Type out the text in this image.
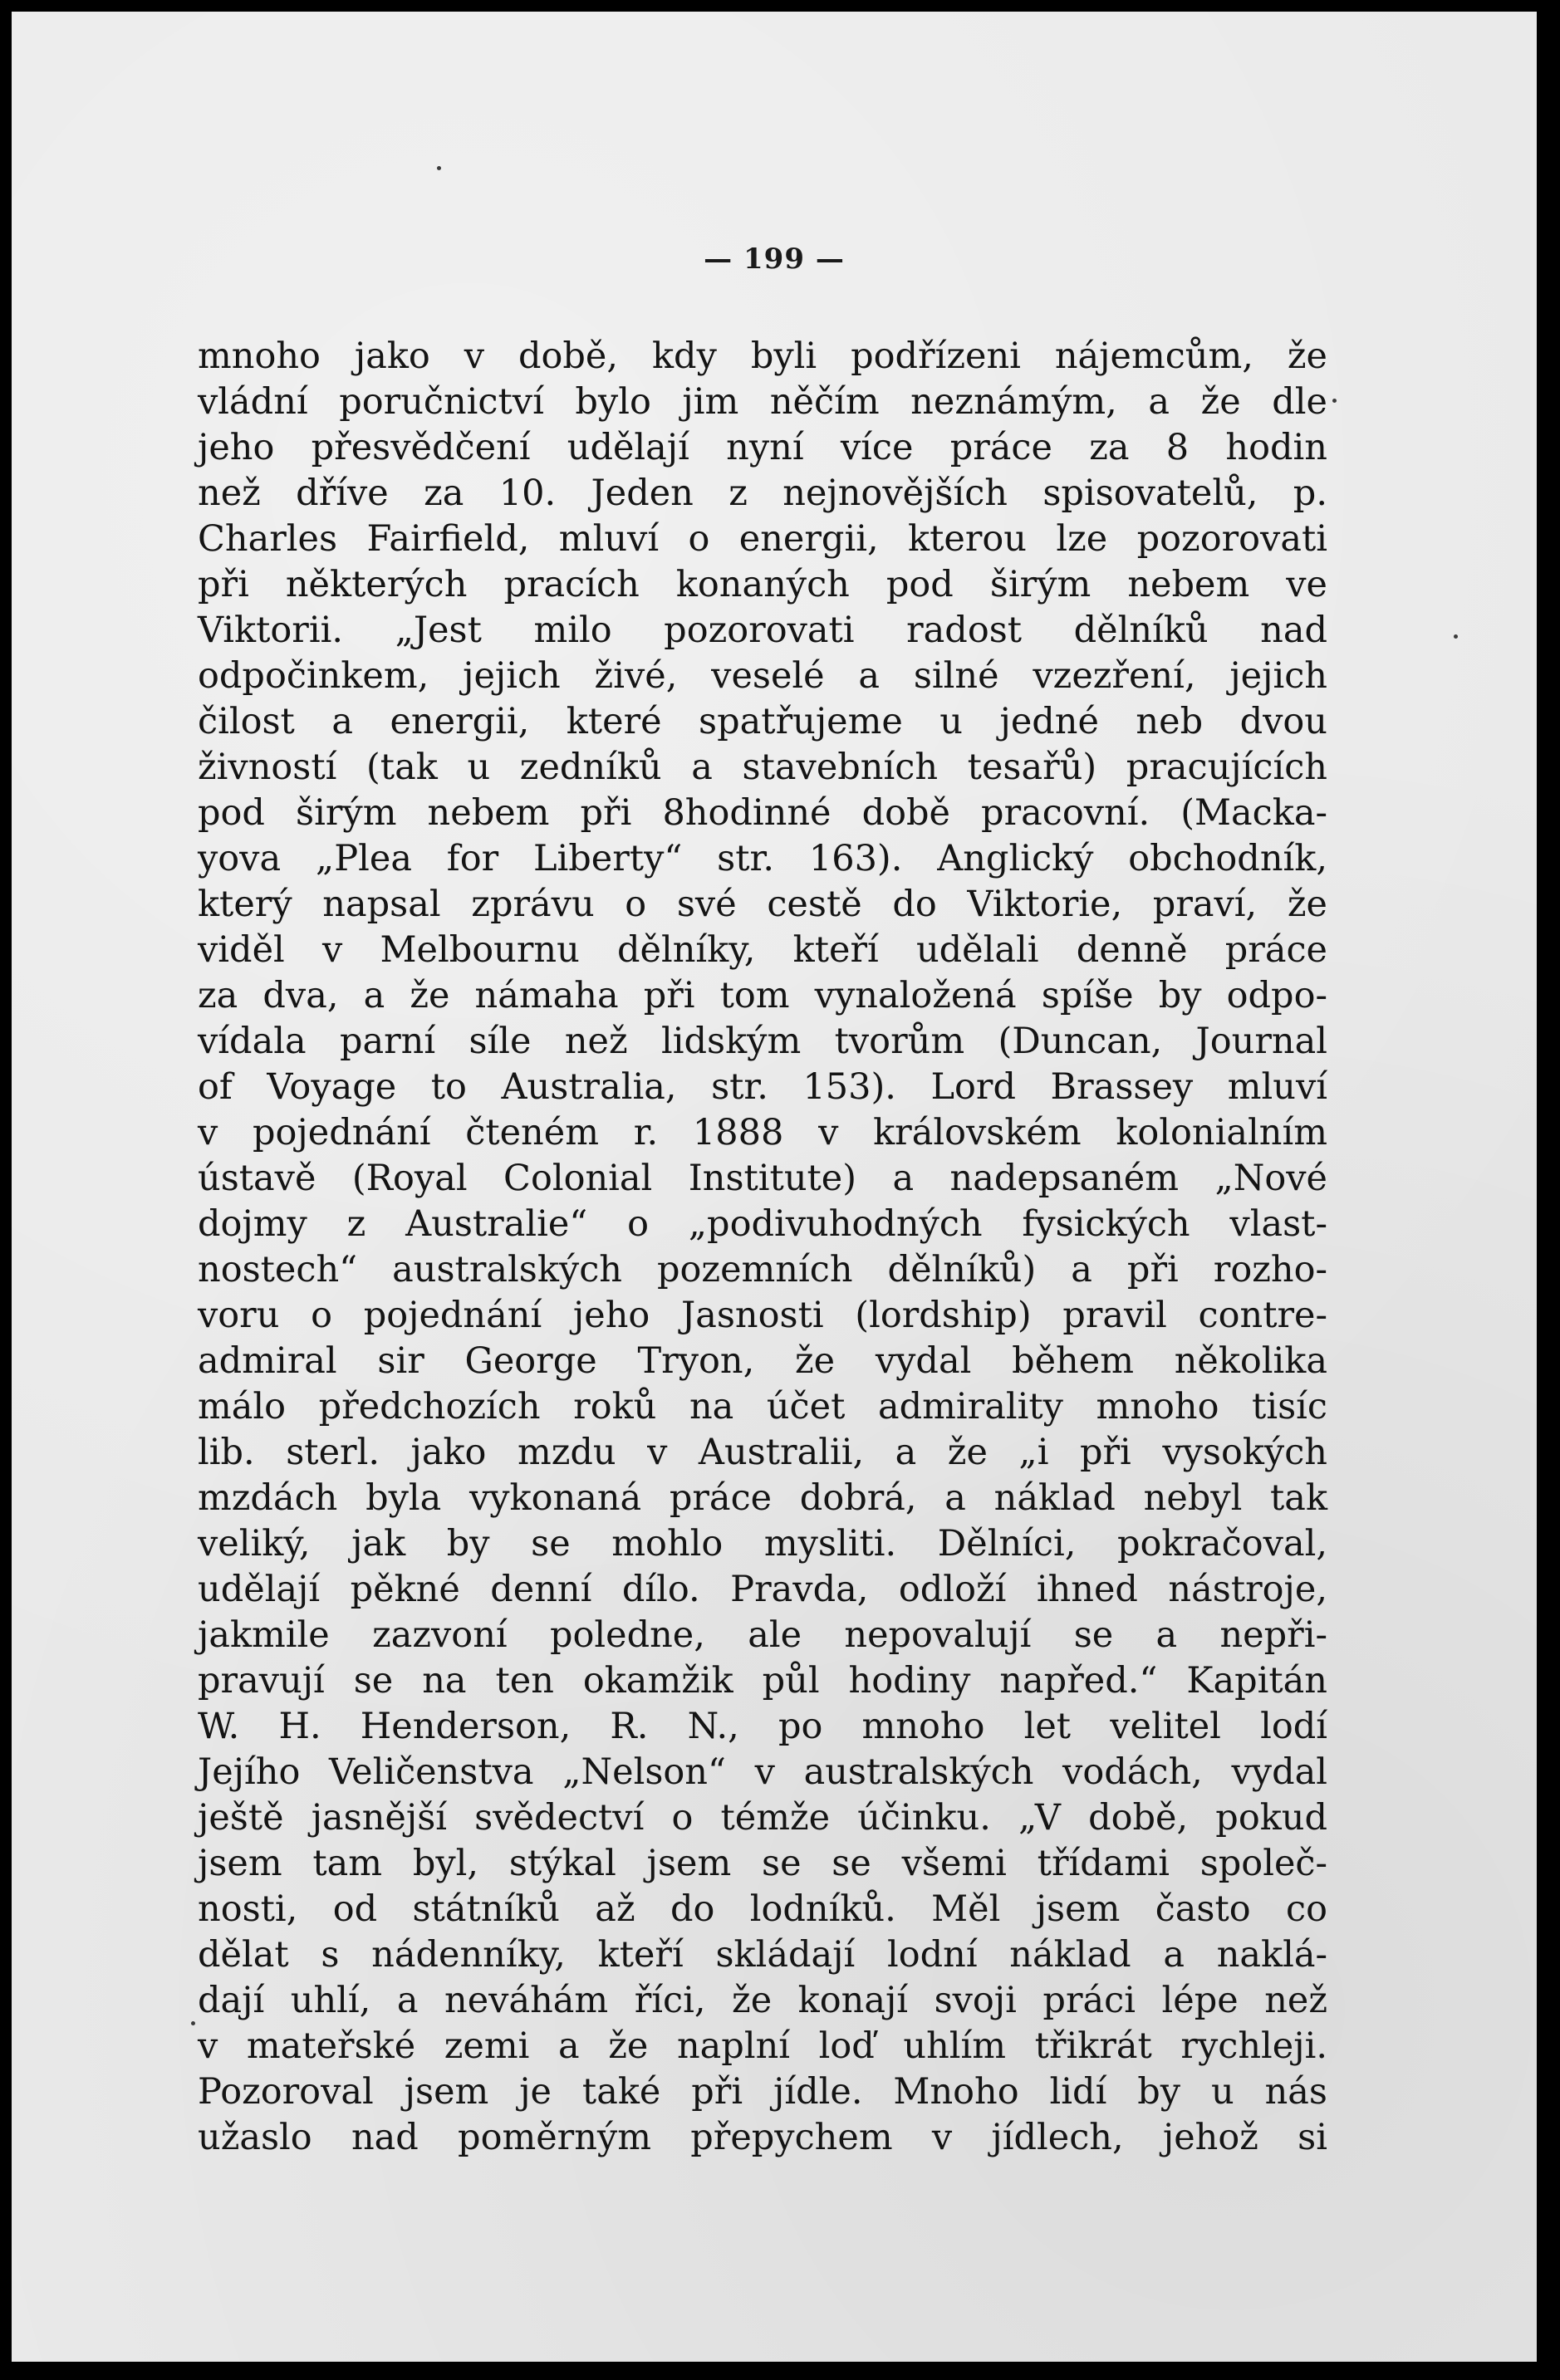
— 199 —
mnoho jako v době, kdy byli podřízeni nájemcům, že
vládní poručnictví bylo jim něčím neznámým, a že dle
jeho přesvědčení udělají nyní více práce za 8 hodin
než dříve za 10. Jeden z nejnovějších spisovatelů, p.
Charles Fairfield, mluví o energii, kterou lze pozorovati
při některých pracích konaných pod širým nebem ve
Viktorii. „Jest milo pozorovati radost dělníků nad
odpočinkem, jejich živé, veselé a silné vzezření, jejich
čilost a energii, které spatřujeme u jedné neb dvou
živností (tak u zedníků a stavebních tesařů) pracujících
pod širým nebem při 8hodinné době pracovní. (Macka-
yova „Plea for Liberty“ str. 163). Anglický obchodník,
který napsal zprávu o své cestě do Viktorie, praví, že
viděl v Melbournu dělníky, kteří udělali denně práce
za dva, a že námaha při tom vynaložená spíše by odpo-
vídala parní síle než lidským tvorům (Duncan, Journal
of Voyage to Australia, str. 153). Lord Brassey mluví
v pojednání čteném r. 1888 v královském kolonialním
ústavě (Royal Colonial Institute) a nadepsaném „Nové
dojmy z Australie“ o „podivuhodných fysických vlast-
nostech“ australských pozemních dělníků) a při rozho-
voru o pojednání jeho Jasnosti (lordship) pravil contre-
admiral sir George Tryon, že vydal během několika
málo předchozích roků na účet admirality mnoho tisíc
lib. sterl. jako mzdu v Australii, a že „i při vysokých
mzdách byla vykonaná práce dobrá, a náklad nebyl tak
veliký, jak by se mohlo mysliti. Dělníci, pokračoval,
udělají pěkné denní dílo. Pravda, odloží ihned nástroje,
jakmile zazvoní poledne, ale nepovalují se a nepři-
pravují se na ten okamžik půl hodiny napřed.“ Kapitán
W. H. Henderson, R. N., po mnoho let velitel lodí
Jejího Veličenstva „Nelson“ v australských vodách, vydal
ještě jasnější svědectví o témže účinku. „V době, pokud
jsem tam byl, stýkal jsem se se všemi třídami společ-
nosti, od státníků až do lodníků. Měl jsem často co
dělat s nádenníky, kteří skládají lodní náklad a naklá-
dají uhlí, a neváhám říci, že konají svoji práci lépe než
v mateřské zemi a že naplní loď uhlím třikrát rychleji.
Pozoroval jsem je také při jídle. Mnoho lidí by u nás
užaslo nad poměrným přepychem v jídlech, jehož si
